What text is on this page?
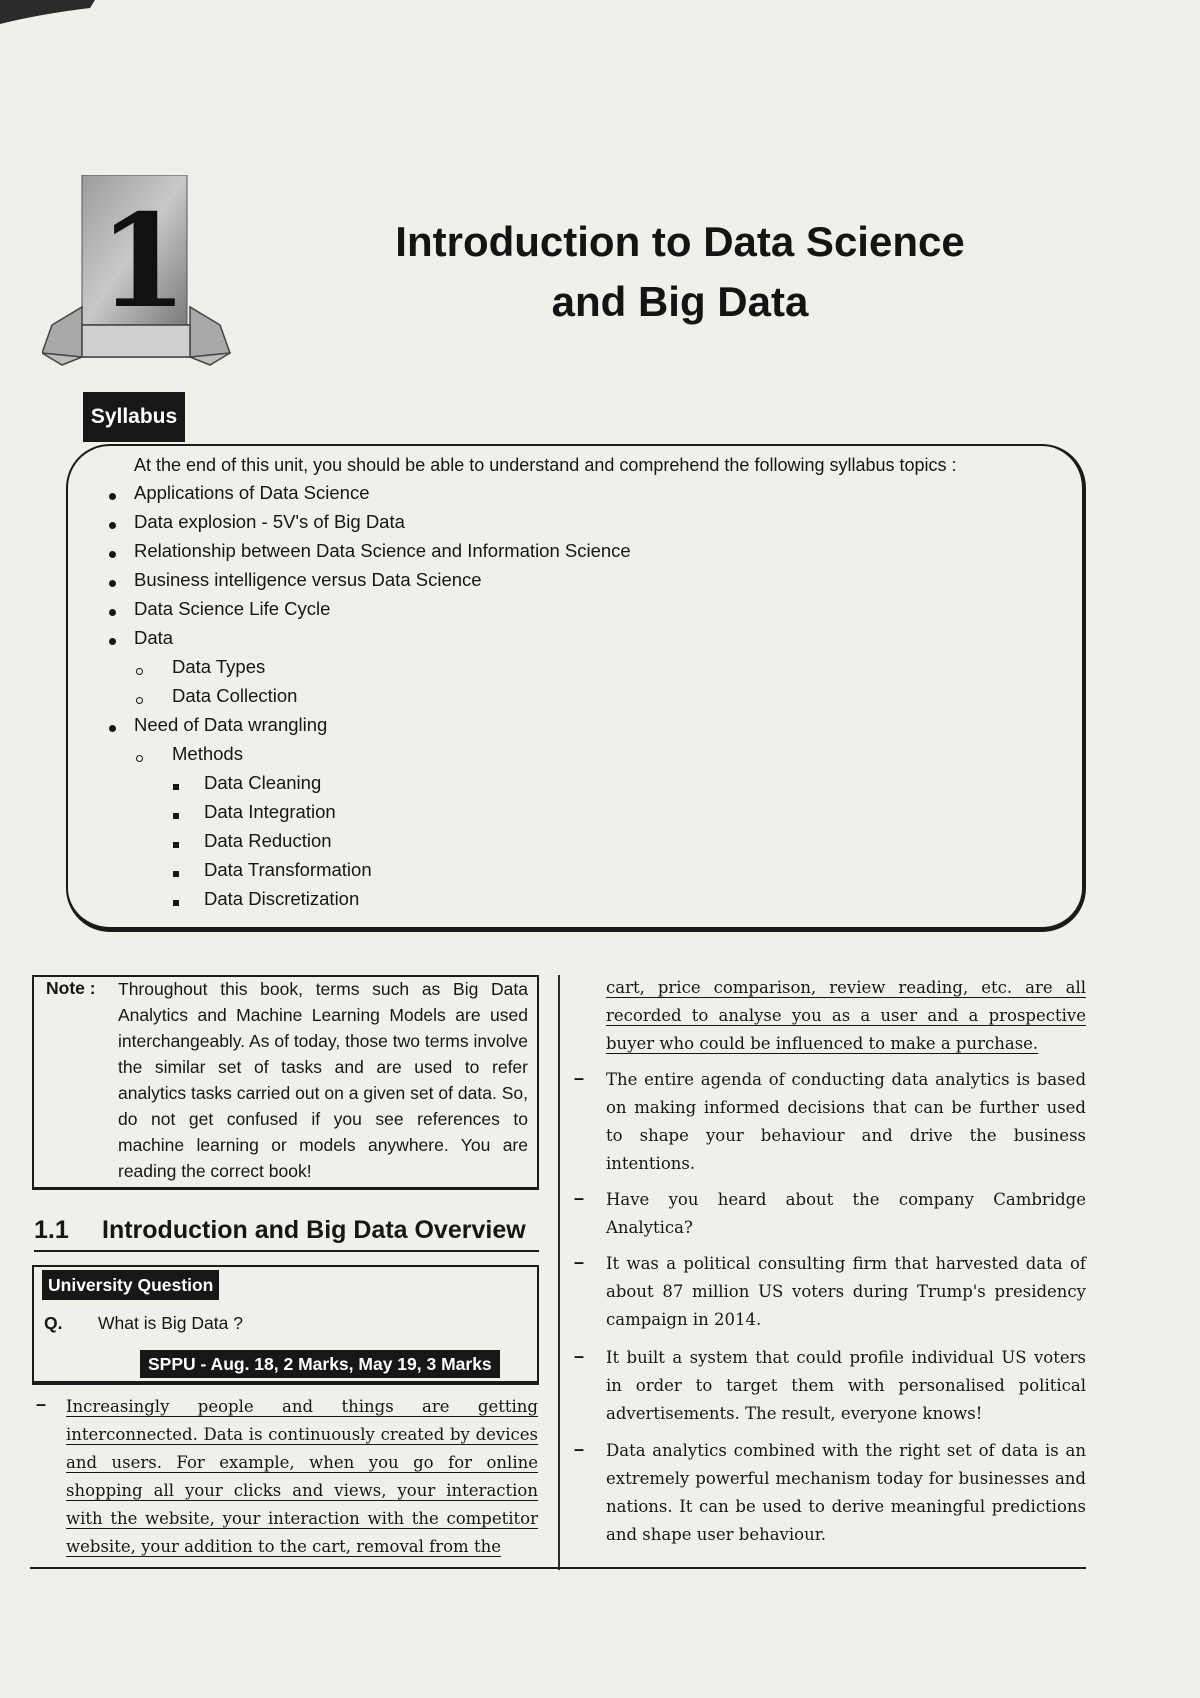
1	Introduction to Data Science
and Big Data
Syllabus
At the end of this unit, you should be able to understand and comprehend the following syllabus topics :
Applications of Data Science
Data explosion - 5V's of Big Data
Relationship between Data Science and Information Science
Business intelligence versus Data Science
Data Science Life Cycle
Data
Data Types
Data Collection
Need of Data wrangling
Methods
Data Cleaning
Data Integration
Data Reduction
Data Transformation
Data Discretization
Note : Throughout this book, terms such as Big Data Analytics and Machine Learning Models are used interchangeably. As of today, those two terms involve the similar set of tasks and are used to refer analytics tasks carried out on a given set of data. So, do not get confused if you see references to machine learning or models anywhere. You are reading the correct book!
1.1 Introduction and Big Data Overview
University Question
Q. What is Big Data ?
SPPU - Aug. 18, 2 Marks, May 19, 3 Marks
– Increasingly people and things are getting interconnected. Data is continuously created by devices and users. For example, when you go for online shopping all your clicks and views, your interaction with the website, your interaction with the competitor website, your addition to the cart, removal from the
cart, price comparison, review reading, etc. are all recorded to analyse you as a user and a prospective buyer who could be influenced to make a purchase.
– The entire agenda of conducting data analytics is based on making informed decisions that can be further used to shape your behaviour and drive the business intentions.
– Have you heard about the company Cambridge Analytica?
– It was a political consulting firm that harvested data of about 87 million US voters during Trump's presidency campaign in 2014.
– It built a system that could profile individual US voters in order to target them with personalised political advertisements. The result, everyone knows!
– Data analytics combined with the right set of data is an extremely powerful mechanism today for businesses and nations. It can be used to derive meaningful predictions and shape user behaviour.
